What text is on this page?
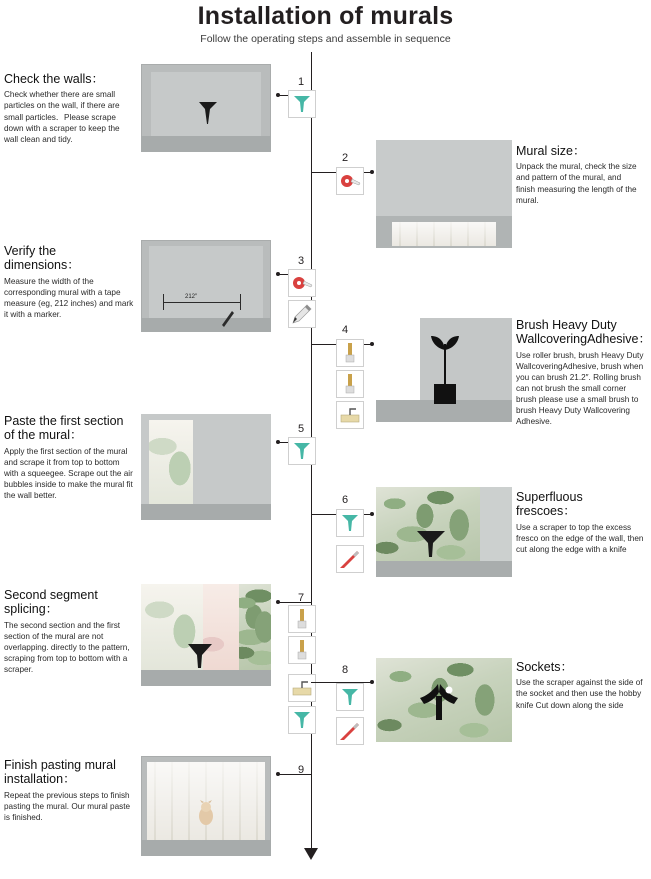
Installation of murals
Follow the operating steps and assemble in sequence
Check the walls：

Check whether there are small particles on the wall, if there are small particles．Please scrape down with a scraper to keep the wall clean and tidy.

1
Mural size：

Unpack the mural, check the size and pattern of the mural, and finish measuring the length of the mural.

2
Verify the dimensions：

Measure the width of the corresponding mural with a tape measure (eg, 212 inches) and mark it with a marker.

212″
3
Brush Heavy Duty WallcoveringAdhesive：

Use roller brush, brush Heavy Duty WallcoveringAdhesive, brush when you can brush 21.2″. Rolling brush can not brush the small corner brush please use a small brush to brush Heavy Duty Wallcovering Adhesive.

4
Paste the first section of the mural：

Apply the first section of the mural and scrape it from top to bottom with a squeegee. Scrape out the air bubbles inside to make the mural fit the wall better.

5
Superfluous frescoes：

Use a scraper to top the excess fresco on the edge of the wall, then cut along the edge with a knife

6
Second segment splicing：

The second section and the first section of the mural are not overlapping. directly to the pattern, scraping from top to bottom with a scraper.

7
Sockets：

Use the scraper against the side of the socket and then use the hobby knife Cut down along the side

8
Finish pasting mural installation：

Repeat the previous steps to finish pasting the mural. Our mural paste is finished.

9
